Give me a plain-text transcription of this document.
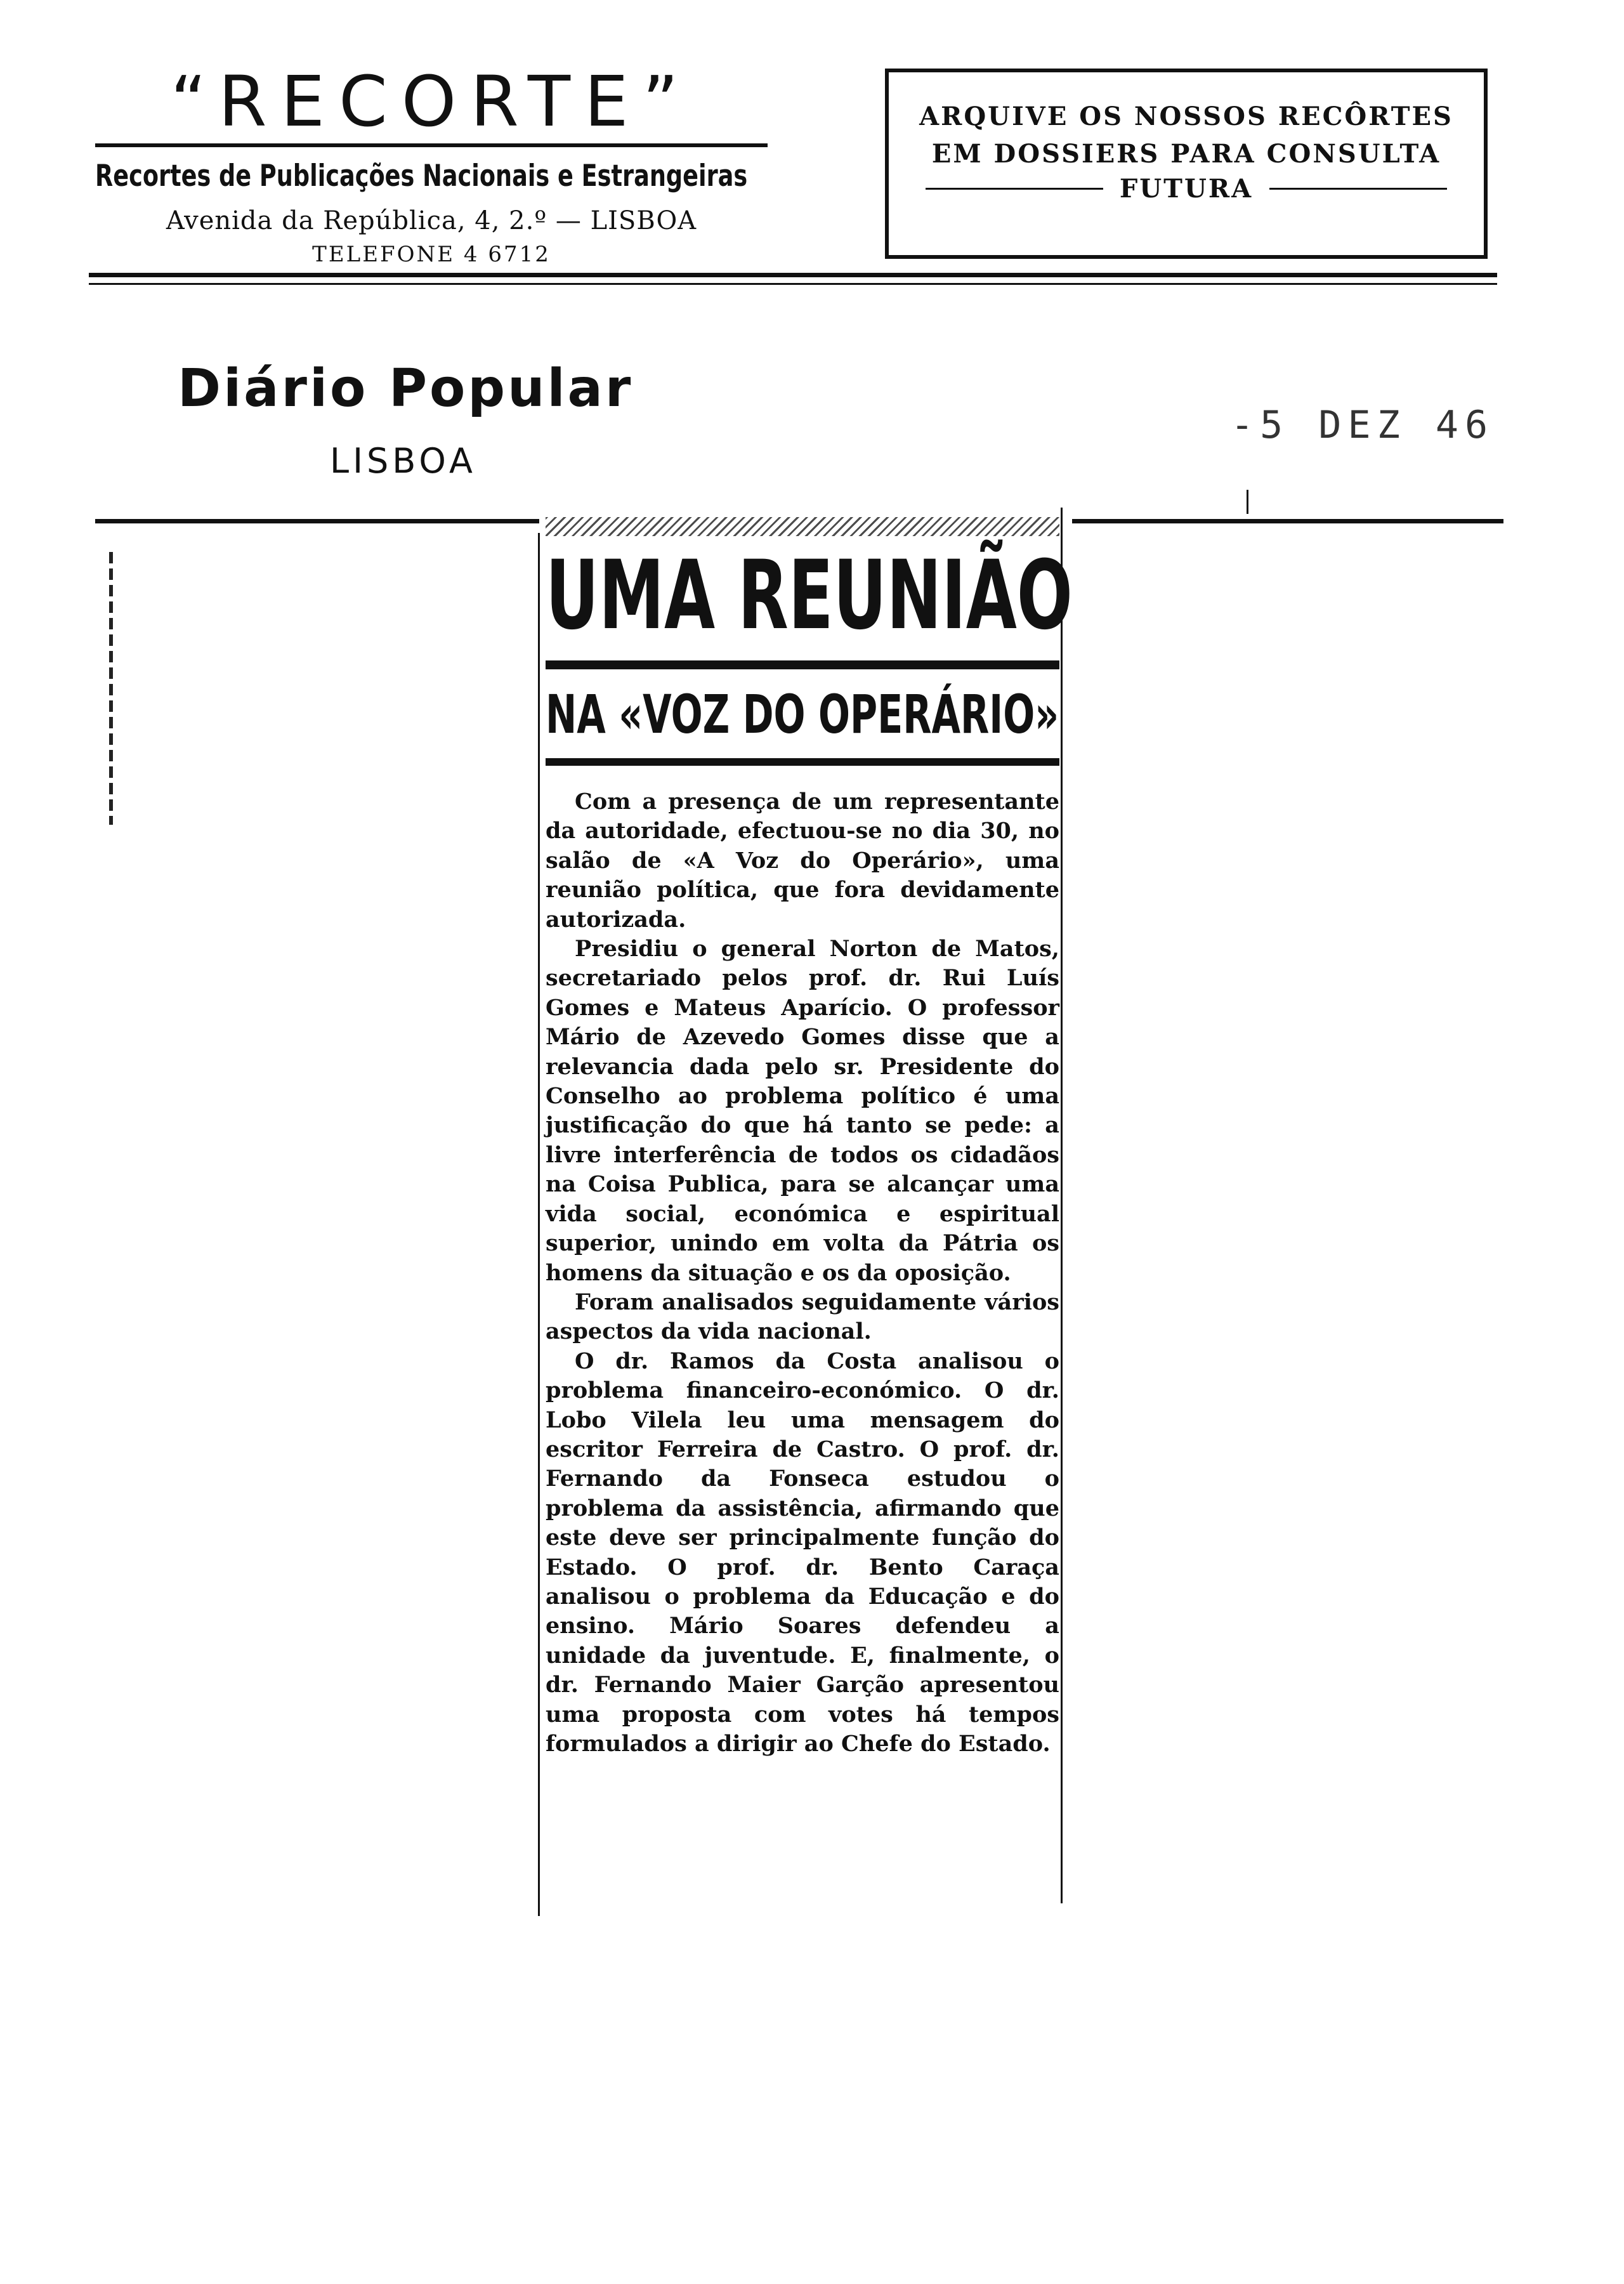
“RECORTE”
Recortes de Publicações Nacionais e Estrangeiras
Avenida da República, 4, 2.º — LISBOA
TELEFONE 4 6712
ARQUIVE OS NOSSOS RECÔRTES
EM DOSSIERS PARA CONSULTA
FUTURA
Diário Popular
LISBOA
-5 DEZ 46
UMA REUNIÃO
NA «VOZ DO OPERÁRIO»

Com a presença de um representante da autoridade, efectuou-se no dia 30, no salão de «A Voz do Operário», uma reunião política, que fora devidamente autorizada.

Presidiu o general Norton de Matos, secretariado pelos prof. dr. Rui Luís Gomes e Mateus Aparício. O professor Mário de Azevedo Gomes disse que a relevancia dada pelo sr. Presidente do Conselho ao problema político é uma justificação do que há tanto se pede: a livre interferência de todos os cidadãos na Coisa Publica, para se alcançar uma vida social, económica e espiritual superior, unindo em volta da Pátria os homens da situação e os da oposição.

Foram analisados seguidamente vários aspectos da vida nacional.

O dr. Ramos da Costa analisou o problema financeiro-económico. O dr. Lobo Vilela leu uma mensagem do escritor Ferreira de Castro. O prof. dr. Fernando da Fonseca estudou o problema da assistência, afirmando que este deve ser principalmente função do Estado. O prof. dr. Bento Caraça analisou o problema da Educação e do ensino. Mário Soares defendeu a unidade da juventude. E, finalmente, o dr. Fernando Maier Garção apresentou uma proposta com votes há tempos formulados a dirigir ao Chefe do Estado.
